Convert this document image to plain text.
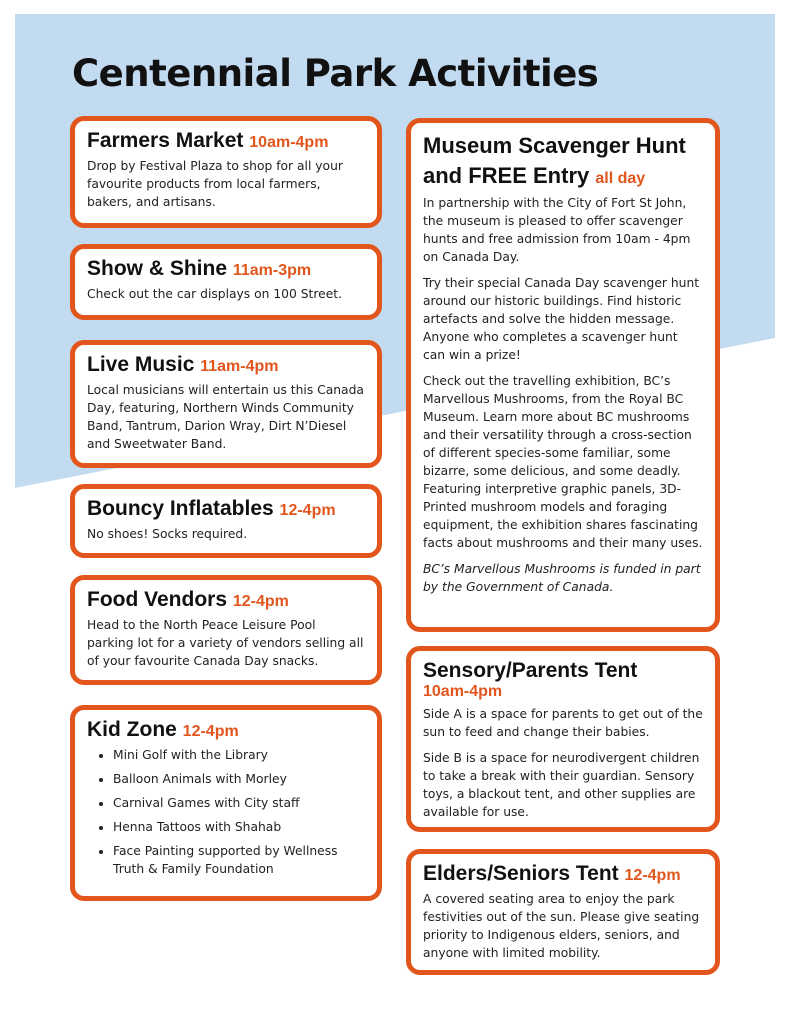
Centennial Park Activities
Farmers Market 10am-4pm

Drop by Festival Plaza to shop for all your favourite products from local farmers, bakers, and artisans.

Show & Shine 11am-3pm

Check out the car displays on 100 Street.

Live Music 11am-4pm

Local musicians will entertain us this Canada Day, featuring, Northern Winds Community Band, Tantrum, Darion Wray, Dirt N’Diesel and Sweetwater Band.

Bouncy Inflatables 12-4pm

No shoes! Socks required.

Food Vendors 12-4pm

Head to the North Peace Leisure Pool parking lot for a variety of vendors selling all of your favourite Canada Day snacks.

Kid Zone 12-4pm
• Mini Golf with the Library
• Balloon Animals with Morley
• Carnival Games with City staff
• Henna Tattoos with Shahab
• Face Painting supported by Wellness Truth & Family Foundation
Museum Scavenger Hunt and FREE Entry all day

In partnership with the City of Fort St John, the museum is pleased to offer scavenger hunts and free admission from 10am - 4pm on Canada Day.

Try their special Canada Day scavenger hunt around our historic buildings. Find historic artefacts and solve the hidden message. Anyone who completes a scavenger hunt can win a prize!

Check out the travelling exhibition, BC’s Marvellous Mushrooms, from the Royal BC Museum. Learn more about BC mushrooms and their versatility through a cross-section of different species-some familiar, some bizarre, some delicious, and some deadly. Featuring interpretive graphic panels, 3D-Printed mushroom models and foraging equipment, the exhibition shares fascinating facts about mushrooms and their many uses.

BC’s Marvellous Mushrooms is funded in part by the Government of Canada.

Sensory/Parents Tent
10am-4pm

Side A is a space for parents to get out of the sun to feed and change their babies.

Side B is a space for neurodivergent children to take a break with their guardian. Sensory toys, a blackout tent, and other supplies are available for use.

Elders/Seniors Tent 12-4pm

A covered seating area to enjoy the park festivities out of the sun. Please give seating priority to Indigenous elders, seniors, and anyone with limited mobility.
